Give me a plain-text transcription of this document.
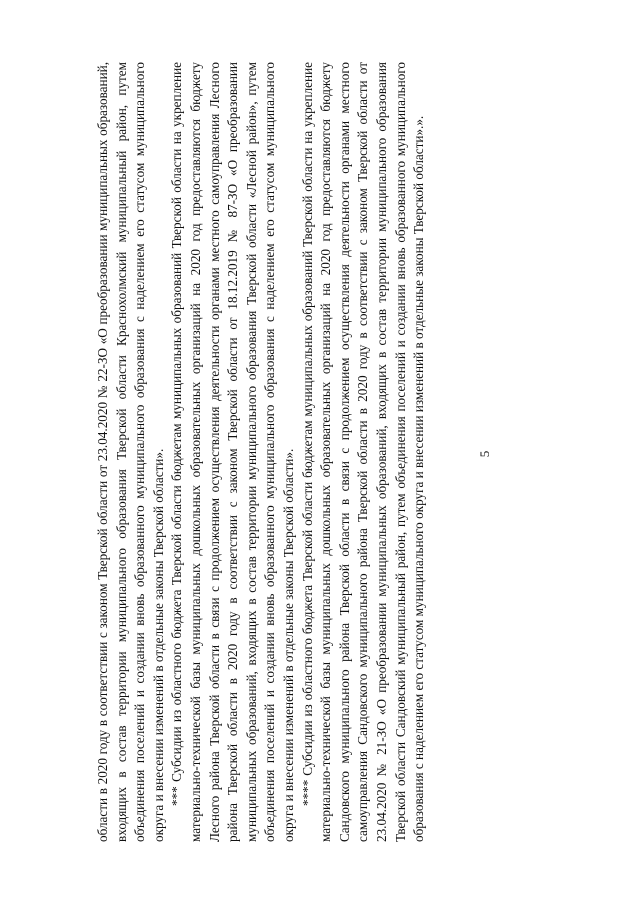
5

области в 2020 году в соответствии с законом Тверской области от 23.04.2020 № 22-ЗО «О преобразовании муниципальных образований, входящих в состав территории муниципального образования Тверской области Краснохолмский муниципальный район, путем объединения поселений и создании вновь образованного муниципального образования с наделением его статусом муниципального округа и внесении изменений в отдельные законы Тверской области». *** Субсидии из областного бюджета Тверской области бюджетам муниципальных образований Тверской области на укрепление материально-технической базы муниципальных дошкольных образовательных организаций на 2020 год предоставляются бюджету Лесного района Тверской области в связи с продолжением осуществления деятельности органами местного самоуправления Лесного района Тверской области в 2020 году в соответствии с законом Тверской области от 18.12.2019 № 87-ЗО «О преобразовании муниципальных образований, входящих в состав территории муниципального образования Тверской области «Лесной район», путем объединения поселений и создании вновь образованного муниципального образования с наделением его статусом муниципального округа и внесении изменений в отдельные законы Тверской области». **** Субсидии из областного бюджета Тверской области бюджетам муниципальных образований Тверской области на укрепление материально-технической базы муниципальных дошкольных образовательных организаций на 2020 год предоставляются бюджету Сандовского муниципального района Тверской области в связи с продолжением осуществления деятельности органами местного самоуправления Сандовского муниципального района Тверской области в 2020 году в соответствии с законом Тверской области от 23.04.2020 № 21-ЗО «О преобразовании муниципальных образований, входящих в состав территории муниципального образования Тверской области Сандовский муниципальный район, путем объединения поселений и создании вновь образованного муниципального образования с наделением его статусом муниципального округа и внесении изменений в отдельные законы Тверской области».».
